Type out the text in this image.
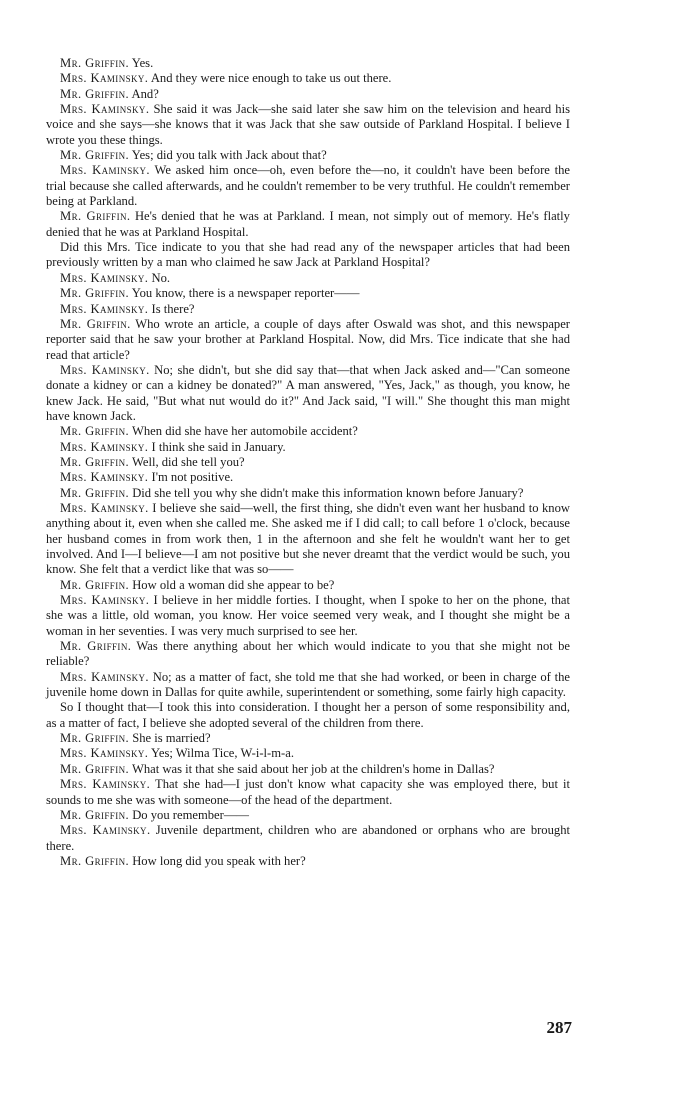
Mr. Griffin. Yes.

Mrs. Kaminsky. And they were nice enough to take us out there.

Mr. Griffin. And?

Mrs. Kaminsky. She said it was Jack—she said later she saw him on the television and heard his voice and she says—she knows that it was Jack that she saw outside of Parkland Hospital. I believe I wrote you these things.

Mr. Griffin. Yes; did you talk with Jack about that?

Mrs. Kaminsky. We asked him once—oh, even before the—no, it couldn't have been before the trial because she called afterwards, and he couldn't remember to be very truthful. He couldn't remember being at Parkland.

Mr. Griffin. He's denied that he was at Parkland. I mean, not simply out of memory. He's flatly denied that he was at Parkland Hospital.

Did this Mrs. Tice indicate to you that she had read any of the newspaper articles that had been previously written by a man who claimed he saw Jack at Parkland Hospital?

Mrs. Kaminsky. No.

Mr. Griffin. You know, there is a newspaper reporter——

Mrs. Kaminsky. Is there?

Mr. Griffin. Who wrote an article, a couple of days after Oswald was shot, and this newspaper reporter said that he saw your brother at Parkland Hospital. Now, did Mrs. Tice indicate that she had read that article?

Mrs. Kaminsky. No; she didn't, but she did say that—that when Jack asked and—"Can someone donate a kidney or can a kidney be donated?" A man answered, "Yes, Jack," as though, you know, he knew Jack. He said, "But what nut would do it?" And Jack said, "I will." She thought this man might have known Jack.

Mr. Griffin. When did she have her automobile accident?

Mrs. Kaminsky. I think she said in January.

Mr. Griffin. Well, did she tell you?

Mrs. Kaminsky. I'm not positive.

Mr. Griffin. Did she tell you why she didn't make this information known before January?

Mrs. Kaminsky. I believe she said—well, the first thing, she didn't even want her husband to know anything about it, even when she called me. She asked me if I did call; to call before 1 o'clock, because her husband comes in from work then, 1 in the afternoon and she felt he wouldn't want her to get involved. And I—I believe—I am not positive but she never dreamt that the verdict would be such, you know. She felt that a verdict like that was so——

Mr. Griffin. How old a woman did she appear to be?

Mrs. Kaminsky. I believe in her middle forties. I thought, when I spoke to her on the phone, that she was a little, old woman, you know. Her voice seemed very weak, and I thought she might be a woman in her seventies. I was very much surprised to see her.

Mr. Griffin. Was there anything about her which would indicate to you that she might not be reliable?

Mrs. Kaminsky. No; as a matter of fact, she told me that she had worked, or been in charge of the juvenile home down in Dallas for quite awhile, superintendent or something, some fairly high capacity.

So I thought that—I took this into consideration. I thought her a person of some responsibility and, as a matter of fact, I believe she adopted several of the children from there.

Mr. Griffin. She is married?

Mrs. Kaminsky. Yes; Wilma Tice, W-i-l-m-a.

Mr. Griffin. What was it that she said about her job at the children's home in Dallas?

Mrs. Kaminsky. That she had—I just don't know what capacity she was employed there, but it sounds to me she was with someone—of the head of the department.

Mr. Griffin. Do you remember——

Mrs. Kaminsky. Juvenile department, children who are abandoned or orphans who are brought there.

Mr. Griffin. How long did you speak with her?

287
